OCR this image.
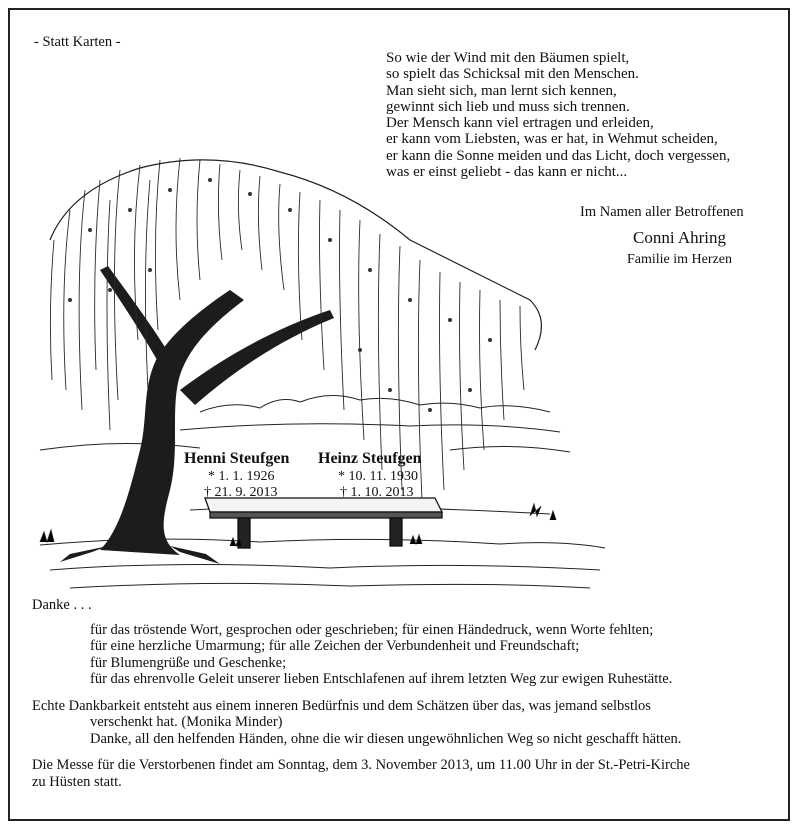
- Statt Karten -
So wie der Wind mit den Bäumen spielt,
so spielt das Schicksal mit den Menschen.
Man sieht sich, man lernt sich kennen,
gewinnt sich lieb und muss sich trennen.
Der Mensch kann viel ertragen und erleiden,
er kann vom Liebsten, was er hat, in Wehmut scheiden,
er kann die Sonne meiden und das Licht, doch vergessen,
was er einst geliebt - das kann er nicht...
Im Namen aller Betroffenen
Conni Ahring
Familie im Herzen
Henni Steufgen
* 1. 1. 1926
† 21. 9. 2013
Heinz Steufgen
* 10. 11. 1930
† 1. 10. 2013
Danke . . .
für das tröstende Wort, gesprochen oder geschrieben; für einen Händedruck, wenn Worte fehlten;
für eine herzliche Umarmung; für alle Zeichen der Verbundenheit und Freundschaft;
für Blumengrüße und Geschenke;
für das ehrenvolle Geleit unserer lieben Entschlafenen auf ihrem letzten Weg zur ewigen Ruhestätte.
Echte Dankbarkeit entsteht aus einem inneren Bedürfnis und dem Schätzen über das, was jemand selbstlos
verschenkt hat. (Monika Minder)
Danke, all den helfenden Händen, ohne die wir diesen ungewöhnlichen Weg so nicht geschafft hätten.
Die Messe für die Verstorbenen findet am Sonntag, dem 3. November 2013, um 11.00 Uhr in der St.-Petri-Kirche
zu Hüsten statt.
